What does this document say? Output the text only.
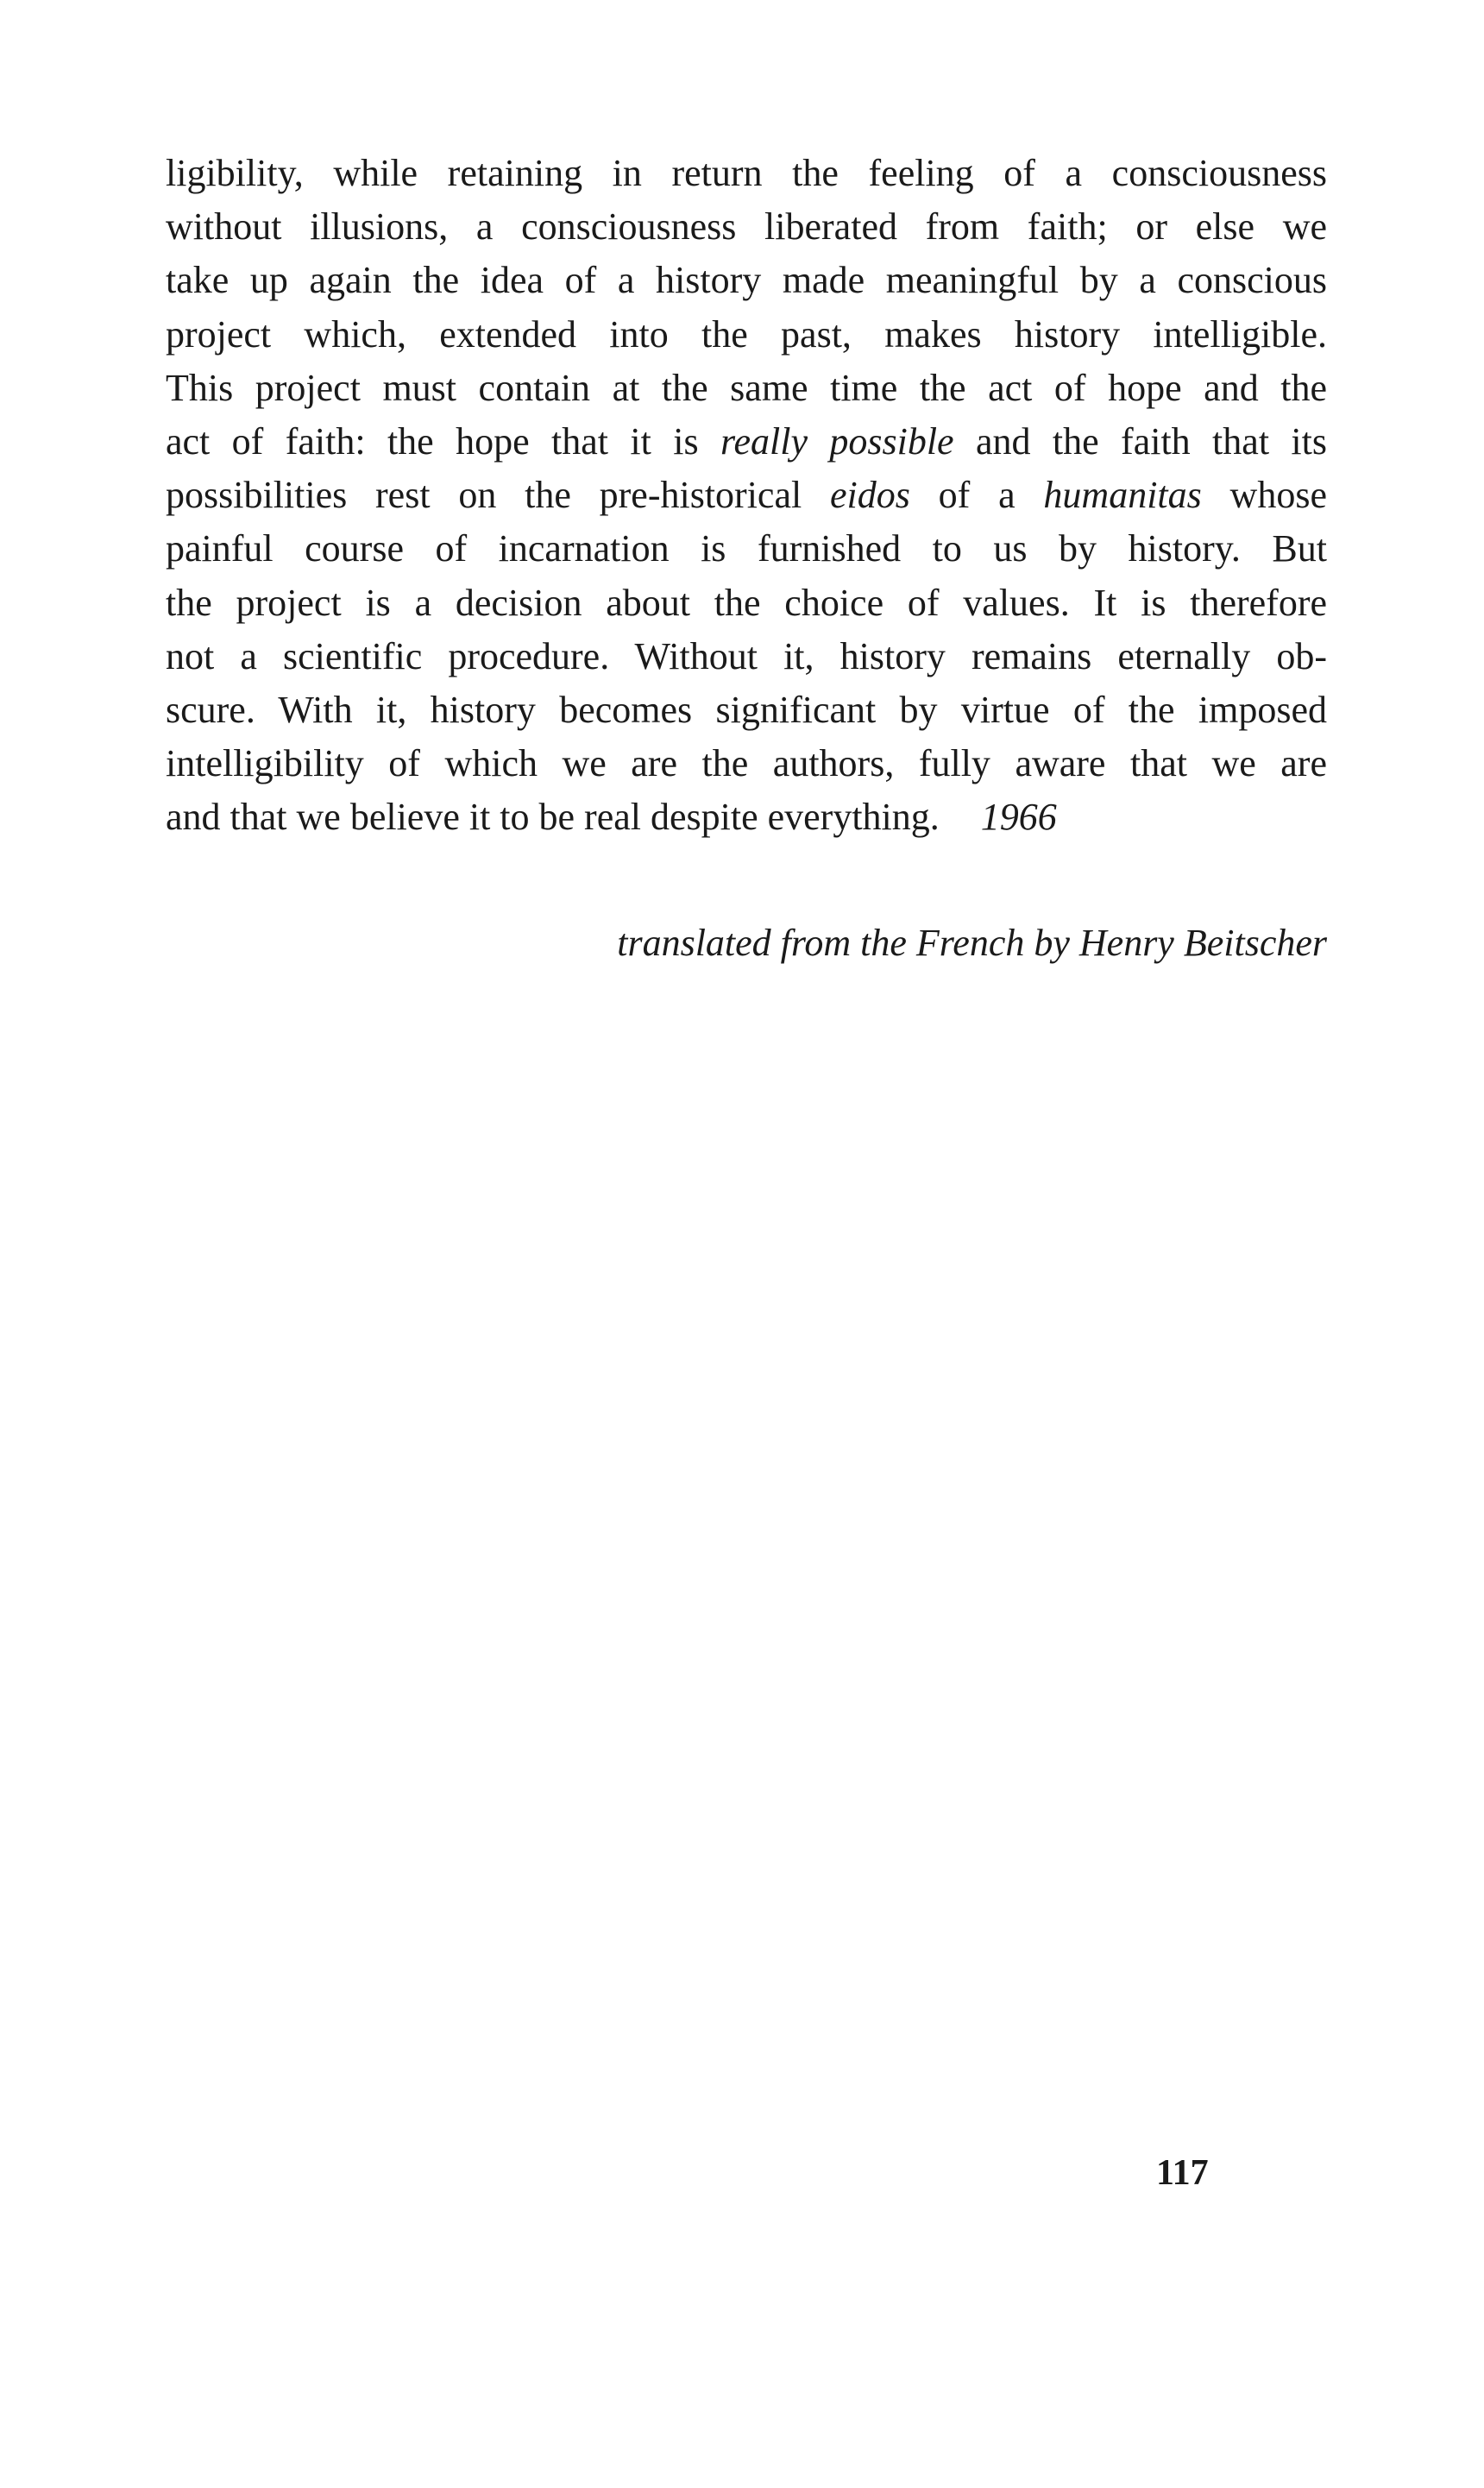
ligibility, while retaining in return the feeling of a consciousness
without illusions, a consciousness liberated from faith; or else we
take up again the idea of a history made meaningful by a conscious
project which, extended into the past, makes history intelligible.
This project must contain at the same time the act of hope and the
act of faith: the hope that it is really possible and the faith that its
possibilities rest on the pre-historical eidos of a humanitas whose
painful course of incarnation is furnished to us by history. But
the project is a decision about the choice of values. It is therefore
not a scientific procedure. Without it, history remains eternally ob-
scure. With it, history becomes significant by virtue of the imposed
intelligibility of which we are the authors, fully aware that we are
and that we believe it to be real despite everything. 1966
translated from the French by Henry Beitscher
117
